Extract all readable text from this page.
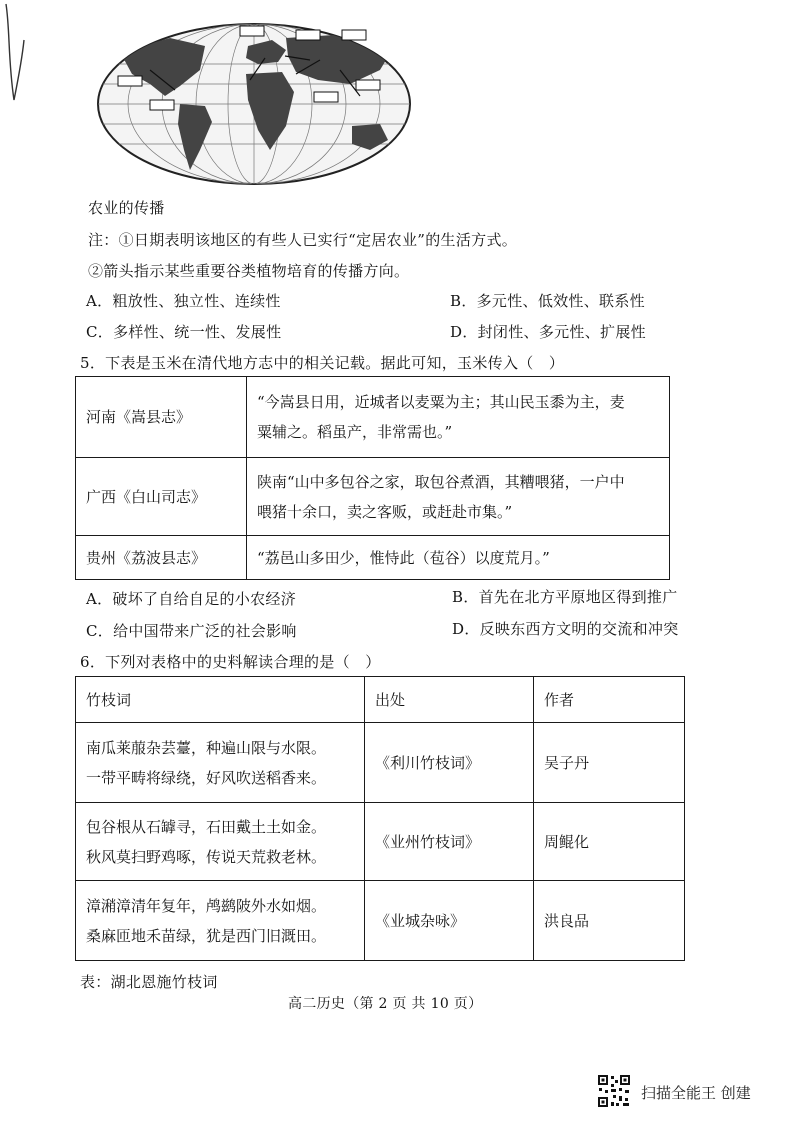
农业的传播
注：①日期表明该地区的有些人已实行“定居农业”的生活方式。
②箭头指示某些重要谷类植物培育的传播方向。
A．粗放性、独立性、连续性	B．多元性、低效性、联系性
C．多样性、统一性、发展性	D．封闭性、多元性、扩展性
5．下表是玉米在清代地方志中的相关记载。据此可知，玉米传入（　）
河南《嵩县志》	“今嵩县日用，近城者以麦粟为主；其山民玉黍为主，麦
粟辅之。稻虽产，非常需也。”

广西《白山司志》	陕南“山中多包谷之家，取包谷煮酒，其糟喂猪，一户中
喂猪十余口，卖之客贩，或赶赴市集。”

贵州《荔波县志》	“荔邑山多田少，惟恃此（苞谷）以度荒月。”
A．破坏了自给自足的小农经济	B．首先在北方平原地区得到推广
C．给中国带来广泛的社会影响	D．反映东西方文明的交流和冲突
6．下列对表格中的史料解读合理的是（　）
竹枝词	出处	作者

南瓜莱菔杂芸薹，种遍山限与水限。
一带平畴将绿绕，好风吹送稻香来。	《利川竹枝词》	吴子丹

包谷根从石罅寻，石田戴土土如金。
秋风莫扫野鸡啄，传说天荒救老林。	《业州竹枝词》	周鲲化

漳潲漳清年复年，鸬鹚陂外水如烟。
桑麻匝地禾苗绿，犹是西门旧溉田。	《业城杂咏》	洪良品
表：湖北恩施竹枝词
高二历史（第 2 页 共 10 页）
扫描全能王 创建
